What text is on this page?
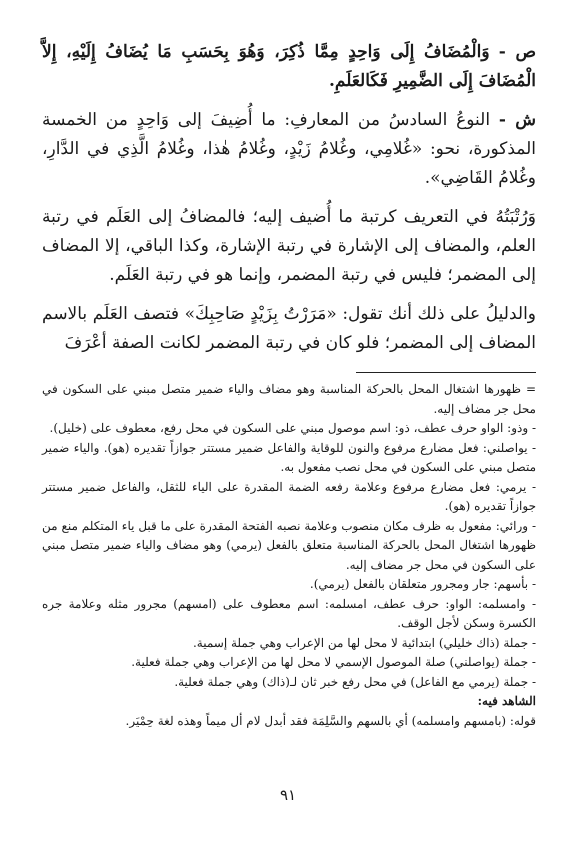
ص - وَالْمُضَافُ إِلَى وَاحِدٍ مِمَّا ذُكِرَ، وَهُوَ بِحَسَبِ مَا يُضَافُ إِلَيْهِ، إِلاَّ الْمُضَافَ إِلَى الضَّمِيرِ فَكَالعَلَمِ.

ش - النوعُ السادسُ من المعارفِ: ما أُضِيفَ إلى وَاحِدٍ من الخمسة المذكورة، نحو: «غُلامِي، وغُلامُ زَيْدٍ، وغُلامُ هٰذا، وغُلامُ الَّذِي في الدَّارِ، وغُلامُ القَاضِي».

وَرُتْبَتُهُ في التعريف كرتبة ما أُضيف إليه؛ فالمضافُ إلى العَلَم في رتبة العلم، والمضاف إلى الإشارة في رتبة الإشارة، وكذا الباقي، إلا المضاف إلى المضمر؛ فليس في رتبة المضمر، وإنما هو في رتبة العَلَم.

والدليلُ على ذلك أنك تقول: «مَرَرْتُ بِزَيْدٍ صَاحِبِكَ» فتصف العَلَم بالاسم المضاف إلى المضمر؛ فلو كان في رتبة المضمر لكانت الصفة أعْرَفَ

= ظهورها اشتغال المحل بالحركة المناسبة وهو مضاف والياء ضمير متصل مبني على السكون في محل جر مضاف إليه.

- وذو: الواو حرف عطف، ذو: اسم موصول مبني على السكون في محل رفع، معطوف على (خليل).

- يواصلني: فعل مضارع مرفوع والنون للوقاية والفاعل ضمير مستتر جوازاً تقديره (هو). والياء ضمير متصل مبني على السكون في محل نصب مفعول به.

- يرمي: فعل مضارع مرفوع وعلامة رفعه الضمة المقدرة على الياء للثقل، والفاعل ضمير مستتر جوازاً تقديره (هو).

- ورائي: مفعول به ظرف مكان منصوب وعلامة نصبه الفتحة المقدرة على ما قبل ياء المتكلم منع من ظهورها اشتغال المحل بالحركة المناسبة متعلق بالفعل (يرمي) وهو مضاف والياء ضمير متصل مبني على السكون في محل جر مضاف إليه.

- بأسهم: جار ومجرور متعلقان بالفعل (يرمي).

- وامسلمه: الواو: حرف عطف، امسلمه: اسم معطوف على (امسهم) مجرور مثله وعلامة جره الكسرة وسكن لأجل الوقف.

- جملة (ذاك خليلي) ابتدائية لا محل لها من الإعراب وهي جملة إسمية.

- جملة (يواصلني) صلة الموصول الإسمي لا محل لها من الإعراب وهي جملة فعلية.

- جملة (يرمي مع الفاعل) في محل رفع خبر ثان لـ(ذاك) وهي جملة فعلية.

الشاهد فيه:

قوله: (بامسهم وامسلمه) أي بالسهم والسَّلِمَة فقد أبدل لام أل ميماً وهذه لغة حِمْيَر.

٩١
